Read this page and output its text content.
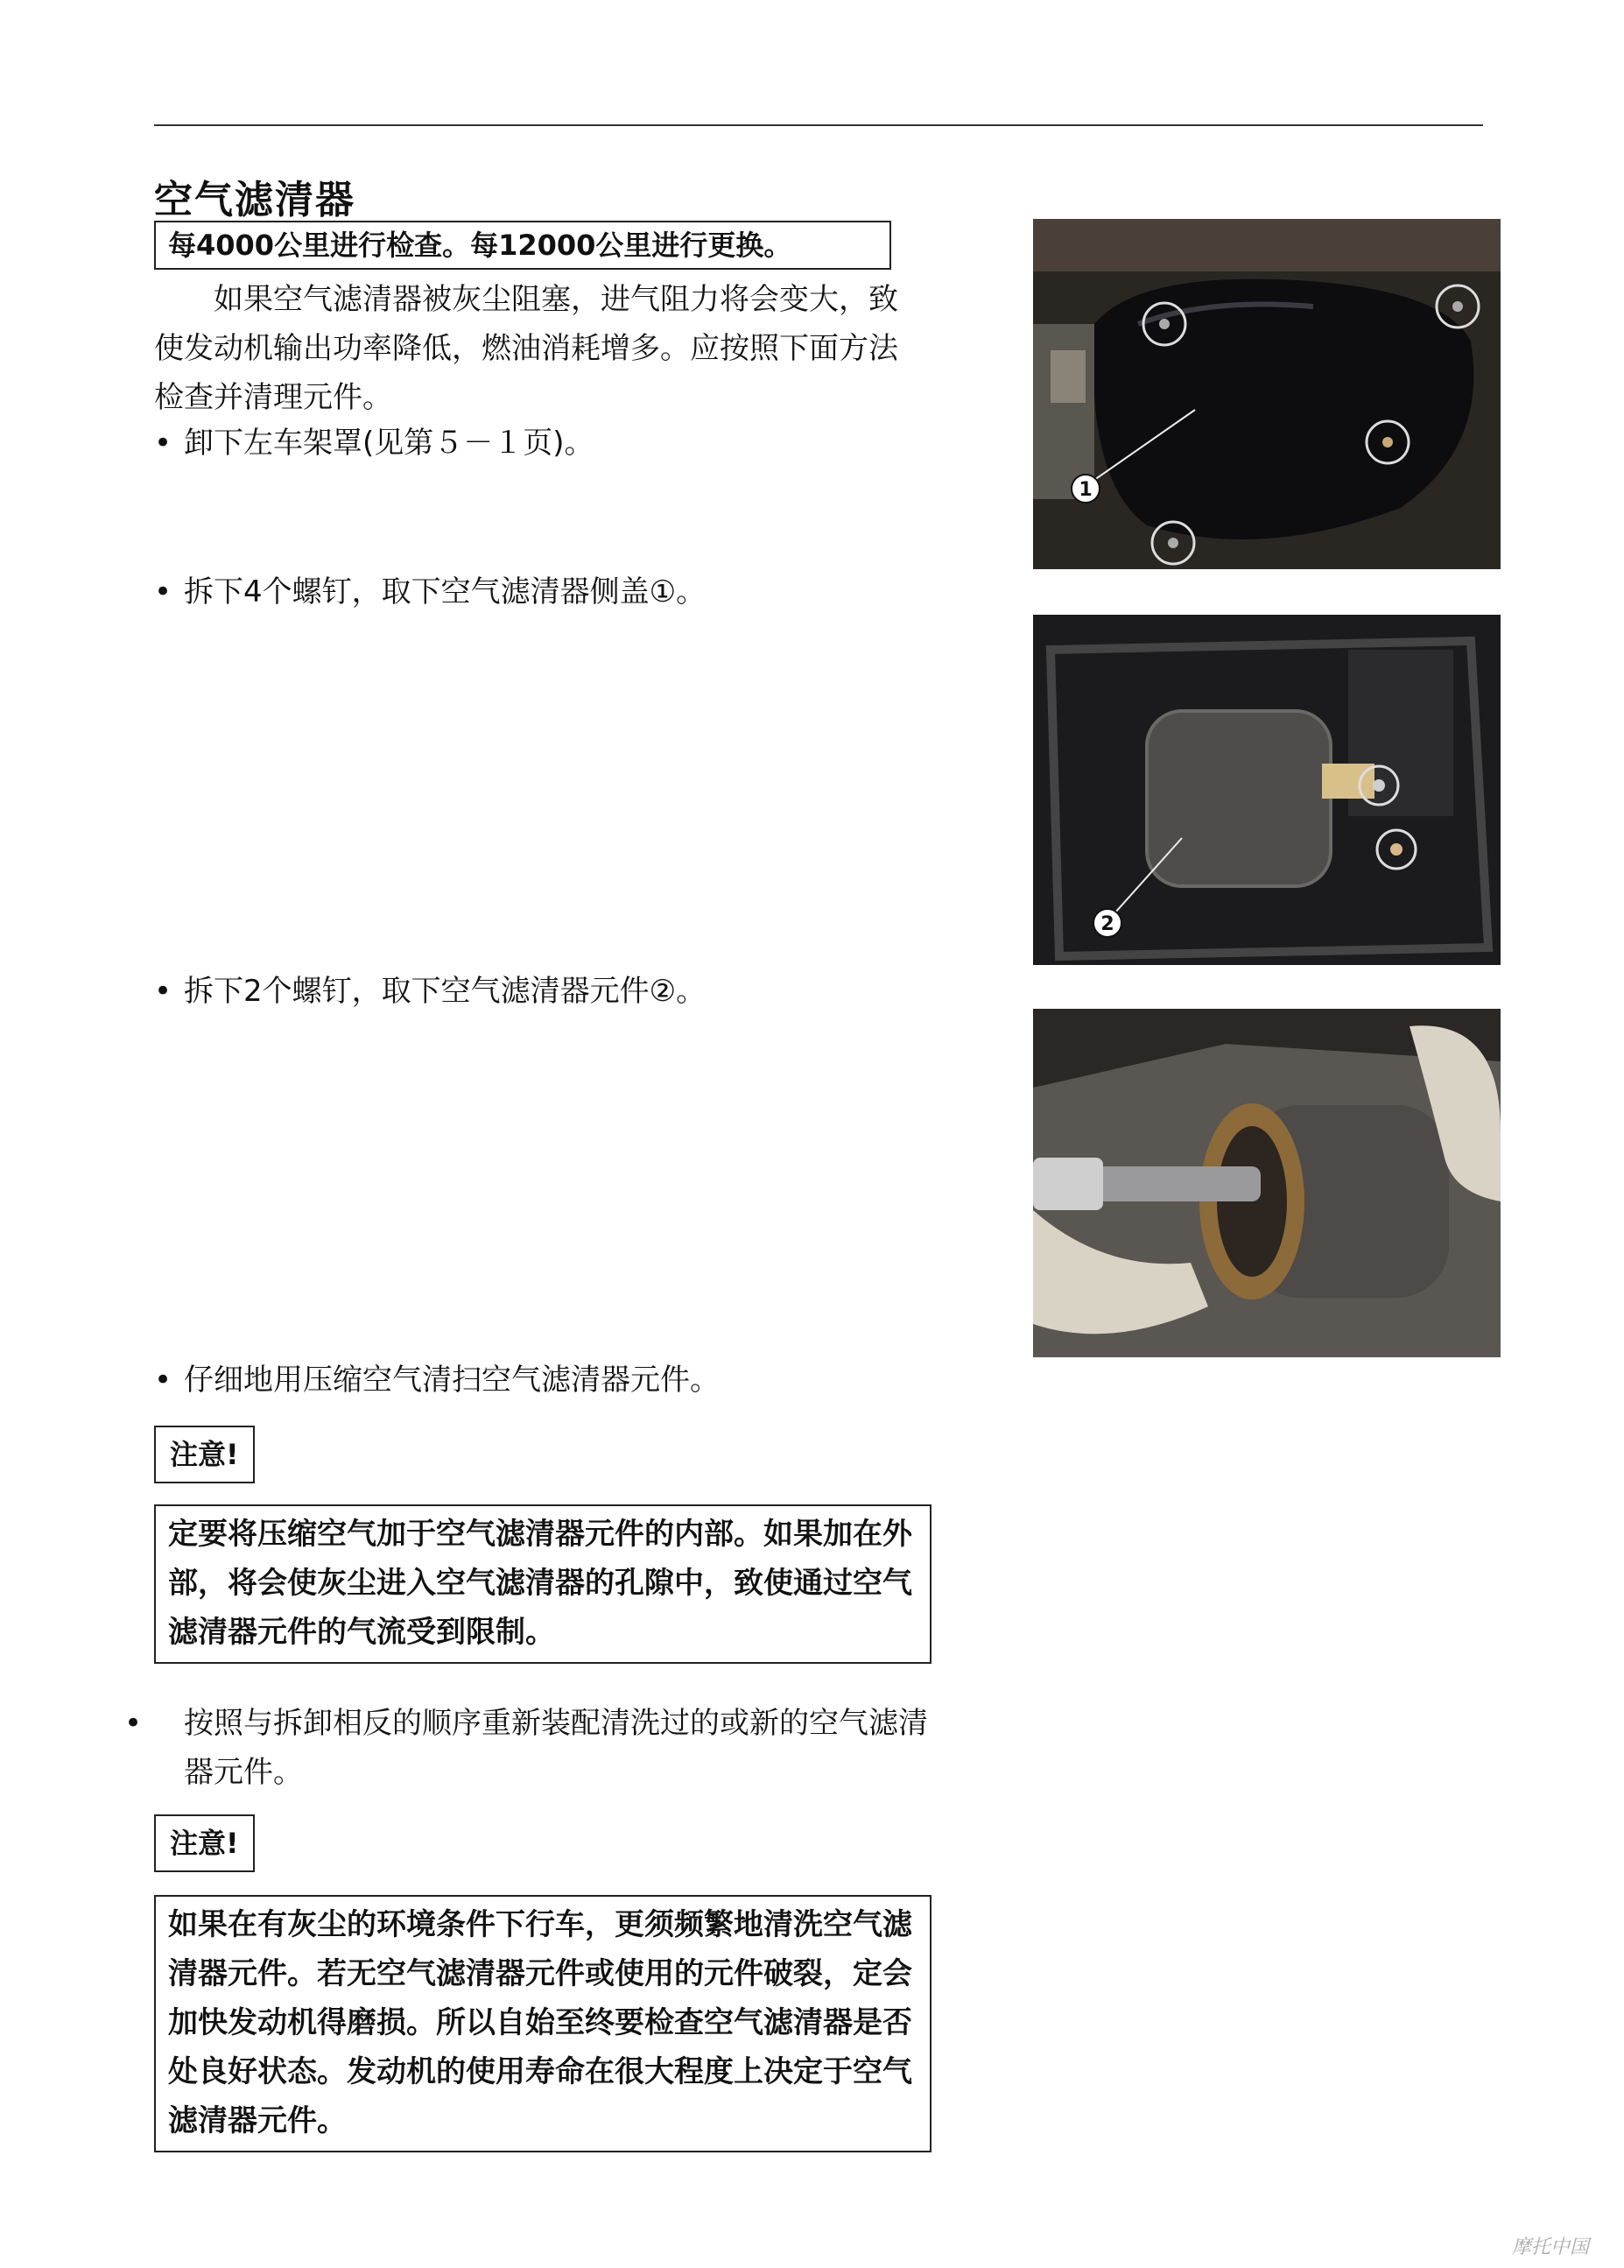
空气滤清器
每4000公里进行检查。每12000公里进行更换。
　　如果空气滤清器被灰尘阻塞，进气阻力将会变大，致使发动机输出功率降低，燃油消耗增多。应按照下面方法检查并清理元件。
• 卸下左车架罩(见第５－１页)。
• 拆下4个螺钉，取下空气滤清器侧盖①。
• 拆下2个螺钉，取下空气滤清器元件②。
• 仔细地用压缩空气清扫空气滤清器元件。
注意!
定要将压缩空气加于空气滤清器元件的内部。如果加在外部，将会使灰尘进入空气滤清器的孔隙中，致使通过空气滤清器元件的气流受到限制。
• 按照与拆卸相反的顺序重新装配清洗过的或新的空气滤清器元件。
注意!
如果在有灰尘的环境条件下行车，更须频繁地清洗空气滤清器元件。若无空气滤清器元件或使用的元件破裂，定会加快发动机得磨损。所以自始至终要检查空气滤清器是否处良好状态。发动机的使用寿命在很大程度上决定于空气滤清器元件。
1
2
摩托中国
